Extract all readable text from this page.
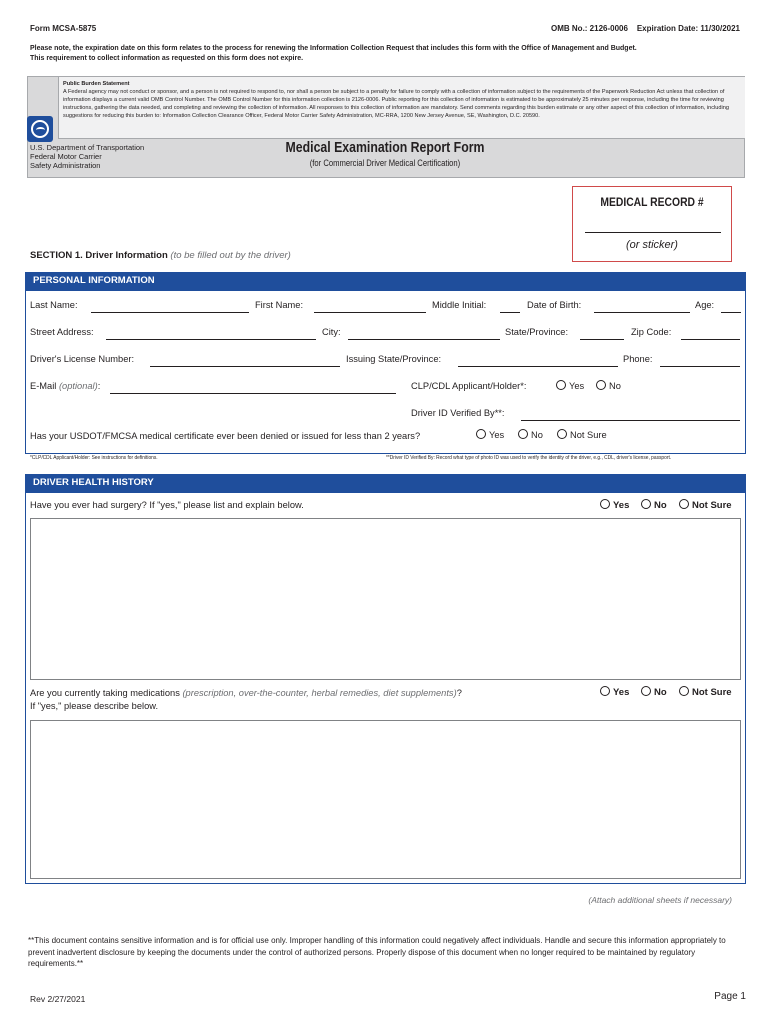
Form MCSA-5875	OMB No.: 2126-0006    Expiration Date: 11/30/2021
Please note, the expiration date on this form relates to the process for renewing the Information Collection Request that includes this form with the Office of Management and Budget.
This requirement to collect information as requested on this form does not expire.
Public Burden Statement
A Federal agency may not conduct or sponsor, and a person is not required to respond to, nor shall a person be subject to a penalty for failure to comply with a collection of information subject to the requirements of the Paperwork Reduction Act unless that collection of information displays a current valid OMB Control Number. The OMB Control Number for this information collection is 2126-0006. Public reporting for this collection of information is estimated to be approximately 25 minutes per response, including the time for reviewing instructions, gathering the data needed, and completing and reviewing the collection of information. All responses to this collection of information are mandatory. Send comments regarding this burden estimate or any other aspect of this collection of information, including suggestions for reducing this burden to: Information Collection Clearance Officer, Federal Motor Carrier Safety Administration, MC-RRA, 1200 New Jersey Avenue, SE, Washington, D.C. 20590.
U.S. Department of Transportation
Federal Motor Carrier
Safety Administration
Medical Examination Report Form
(for Commercial Driver Medical Certification)
MEDICAL RECORD #
(or sticker)
SECTION 1. Driver Information (to be filled out by the driver)
PERSONAL INFORMATION
Last Name:	First Name:	Middle Initial:	Date of Birth:	Age:
Street Address:	City:	State/Province:	Zip Code:
Driver's License Number:	Issuing State/Province:	Phone:
E-Mail (optional):	CLP/CDL Applicant/Holder*:	Yes	No
Driver ID Verified By**:
Has your USDOT/FMCSA medical certificate ever been denied or issued for less than 2 years?	Yes	No	Not Sure
*CLP/CDL Applicant/Holder: See instructions for definitions.	**Driver ID Verified By: Record what type of photo ID was used to verify the identity of the driver, e.g., CDL, driver's license, passport.
DRIVER HEALTH HISTORY
Have you ever had surgery? If "yes," please list and explain below.	Yes	No	Not Sure
Are you currently taking medications (prescription, over-the-counter, herbal remedies, diet supplements)?
If "yes," please describe below.
Yes	No	Not Sure
(Attach additional sheets if necessary)
**This document contains sensitive information and is for official use only. Improper handling of this information could negatively affect individuals. Handle and secure this information appropriately to prevent inadvertent disclosure by keeping the documents under the control of authorized persons. Properly dispose of this document when no longer required to be maintained by regulatory requirements.**
Rev 2/27/2021	Page 1
